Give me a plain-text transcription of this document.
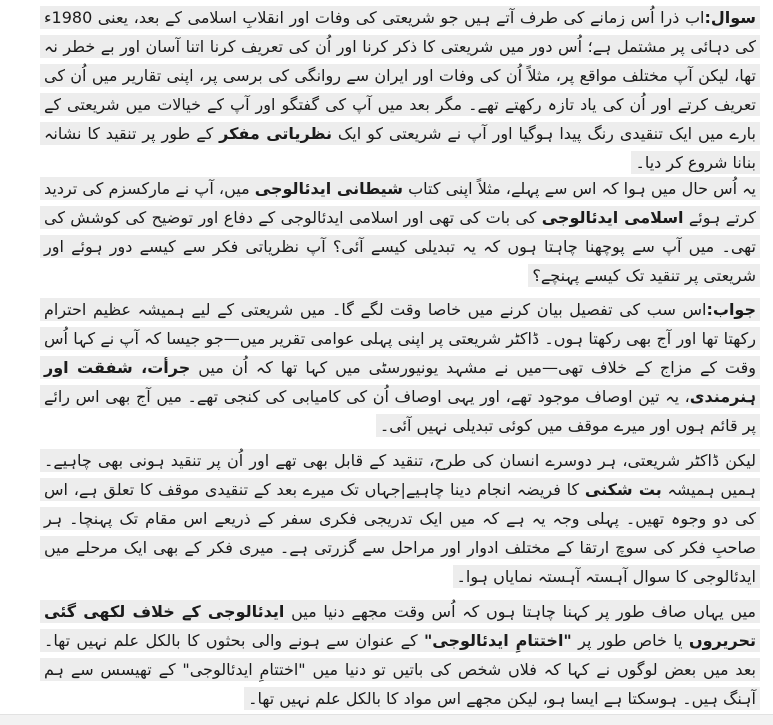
سوال:اب ذرا اُس زمانے کی طرف آتے ہیں جو شریعتی کی وفات اور انقلابِ اسلامی کے بعد، یعنی 1980ء کی دہائی پر مشتمل ہے؛ اُس دور میں شریعتی کا ذکر کرنا اور اُن کی تعریف کرنا اتنا آسان اور بے خطر نہ تھا، لیکن آپ مختلف مواقع پر، مثلاً اُن کی وفات اور ایران سے روانگی کی برسی پر، اپنی تقاریر میں اُن کی تعریف کرتے اور اُن کی یاد تازہ رکھتے تھے۔ مگر بعد میں آپ کی گفتگو اور آپ کے خیالات میں شریعتی کے بارے میں ایک تنقیدی رنگ پیدا ہوگیا اور آپ نے شریعتی کو ایک نظریاتی مفکر کے طور پر تنقید کا نشانہ بنانا شروع کر دیا۔

یہ اُس حال میں ہوا کہ اس سے پہلے، مثلاً اپنی کتاب شیطانی ایدئالوجی میں، آپ نے مارکسزم کی تردید کرتے ہوئے اسلامی ایدئالوجی کی بات کی تھی اور اسلامی ایدئالوجی کے دفاع اور توضیح کی کوشش کی تھی۔ میں آپ سے پوچھنا چاہتا ہوں کہ یہ تبدیلی کیسے آئی؟ آپ نظریاتی فکر سے کیسے دور ہوئے اور شریعتی پر تنقید تک کیسے پہنچے؟

جواب:اس سب کی تفصیل بیان کرنے میں خاصا وقت لگے گا۔ میں شریعتی کے لیے ہمیشہ عظیم احترام رکھتا تھا اور آج بھی رکھتا ہوں۔ ڈاکٹر شریعتی پر اپنی پہلی عوامی تقریر میں—جو جیسا کہ آپ نے کہا اُس وقت کے مزاج کے خلاف تھی—میں نے مشہد یونیورسٹی میں کہا تھا کہ اُن میں جرأت، شفقت اور ہنرمندی، یہ تین اوصاف موجود تھے، اور یہی اوصاف اُن کی کامیابی کی کنجی تھے۔ میں آج بھی اس رائے پر قائم ہوں اور میرے موقف میں کوئی تبدیلی نہیں آئی۔

لیکن ڈاکٹر شریعتی، ہر دوسرے انسان کی طرح، تنقید کے قابل بھی تھے اور اُن پر تنقید ہونی بھی چاہیے۔ ہمیں ہمیشہ بت شکنی کا فریضہ انجام دینا چاہیے|جہاں تک میرے بعد کے تنقیدی موقف کا تعلق ہے، اس کی دو وجوہ تھیں۔ پہلی وجہ یہ ہے کہ میں ایک تدریجی فکری سفر کے ذریعے اس مقام تک پہنچا۔ ہر صاحبِ فکر کی سوچ ارتقا کے مختلف ادوار اور مراحل سے گزرتی ہے۔ میری فکر کے بھی ایک مرحلے میں ایدئالوجی کا سوال آہستہ آہستہ نمایاں ہوا۔

میں یہاں صاف طور پر کہنا چاہتا ہوں کہ اُس وقت مجھے دنیا میں ایدئالوجی کے خلاف لکھی گئی تحریروں یا خاص طور پر "اختتامِ ایدئالوجی" کے عنوان سے ہونے والی بحثوں کا بالکل علم نہیں تھا۔ بعد میں بعض لوگوں نے کہا کہ فلاں شخص کی باتیں تو دنیا میں "اختتامِ ایدئالوجی" کے تھیسس سے ہم آہنگ ہیں۔ ہوسکتا ہے ایسا ہو، لیکن مجھے اس مواد کا بالکل علم نہیں تھا۔
